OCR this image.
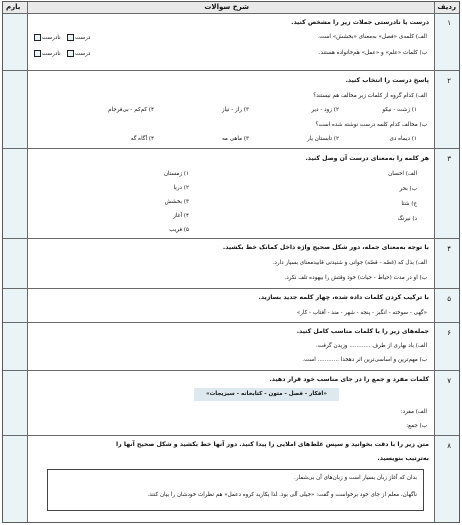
ردیف
شرح سوالات
بارم
١
درست یا نادرستی جملات زیر را مشخص کنید.
الف) کلمه‌ی «فصل» به‌معنای «بخشش» است.
ب) کلمات «علم» و «عمل» هم‌خانواده هستند.
درست   نادرست
درست   نادرست
٢
پاسخ درست را انتخاب کنید.
الف) کدام گروه از کلمات زیر مخالف هم نیستند؟
١) زشت - نیکو
٢) زود - دیر
٣) راز - نیاز
۴) کم‌کم - بی‌فرجام
ب) مخالف کدام کلمه درست نوشته شده است؟
١) دیماه دی
٢) تابستان یار
٣) ماهی مه
۴) آگاه گه
٣
هر کلمه را به‌معنای درست آن وصل کنید.
الف) احسان
ب) بحر
ج) شتا
د) نیرنگ
١) زمستان
٢) دریا
٣) بخشش
۴) آغاز
۵) فریب
۴
با توجه به‌معنای جمله، دور شکل صحیح واژه داخل کمانک خط بکشید.
الف) بذل که (غصّه - قصّه) جوانی و شنیدنی قابیدمعنای بسیار دارد.
ب) او در مدت (حیاط - حیات) خود وقتش را بیهوده تلف نکرد.
۵
با ترکیب کردن کلمات داده شده، چهار کلمه جدید بسازید.
«گهی - سوخته - انگبز - پنجه - شهر - مند - آفتاب - کار»
۶
جمله‌های زیر را با کلمات مناسب کامل کنید.
الف) باد بهاری از طرف ............ وزیدن گرفت.
ب) مهم‌ترین و اساسی‌ترین اثر دهخدا ............ است.
٧
کلمات مفرد و جمع را در جای مناسب خود قرار دهید.
«افکار - فصل - متون - کتابخانه - سبزیجات»
الف) مفرد:
ب) جمع:
٨
متن زیر را با دقت بخوانید و سپس غلط‌های املایی را پیدا کنید. دور آنها خط بکشید و شکل صحیح آنها را
به‌ترتیب بنویسید.
بدان که آغاز زبان بسیار است و زبان‌های آن بی‌شمار.
ناگهان، معلم از جای خود برخواست و گفت: «خیلی آلی بود. لذا بکارید کروه دعمل» هم نظرات خودشان را بیان کنند.
